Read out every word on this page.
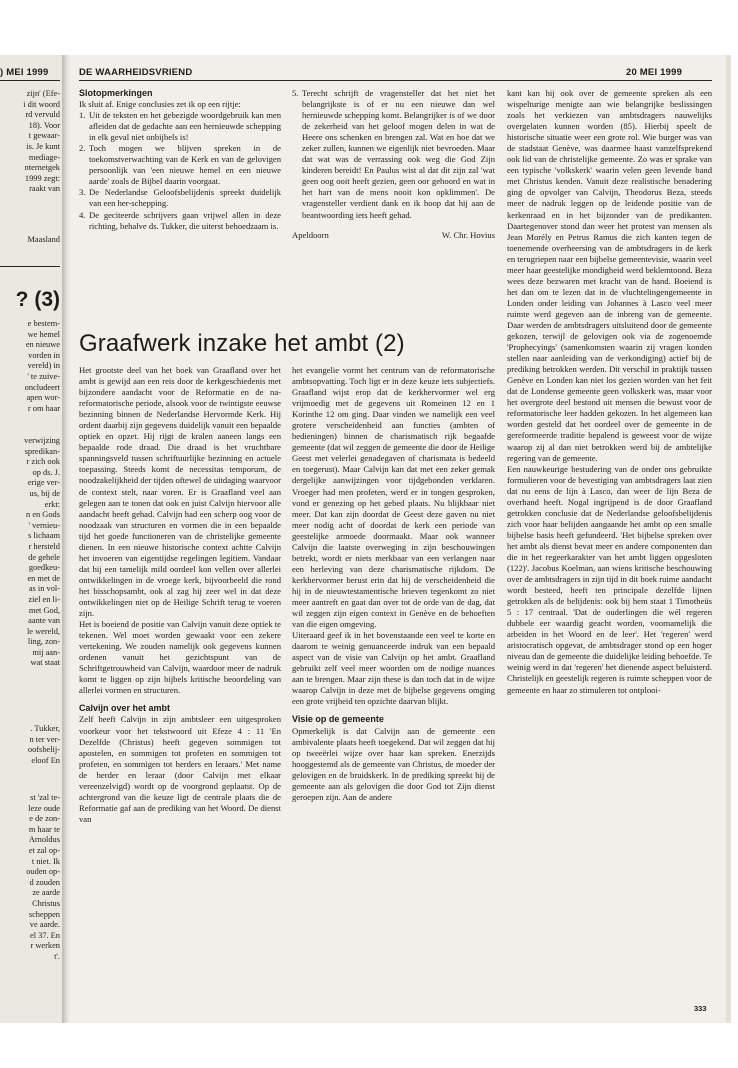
) MEI 1999
zijn' (Efe-
i dit woord
rd vervuld
18). Voor
t gewaar-
is. Je kunt
mediage-
nternetgek
1999 zegt:
raakt van
Maasland
? (3)
e bestem-
we hemel
en nieuwe
vorden in
vereld) in
' te zuive-
oncludeert
apen wor-
r om haar
verwijzing
spredikan-
r zich ook
op ds. J.
erige ver-
us, bij de
erkt:
n en Gods
' vernieu-
s lichaam
r hersteld
de gehele
goedkeu-
en met de
as in vol-
ziel en li-
met God,
aante van
le wereld,
ling, zon-
mij aan-
wat staat
. Tukker,
n ter ver-
oofsbelij-
eloof En
st 'zal te-
leze oude
e de zon-
m haar te
Arnoldus
et zal op-
t niet. Ik
ouden op-
d zouden
ze aarde
Christus
scheppen
ve aarde.
el 37. En
r werken
t'.
DE WAARHEIDSVRIEND	20 MEI 1999
Slotopmerkingen

Ik sluit af. Enige conclusies zet ik op een rijtje:

1. Uit de teksten en het gebezigde woordgebruik kan men afleiden dat de gedachte aan een hernieuwde schepping in elk geval niet onbijbels is!
2. Toch mogen we blijven spreken in de toekomstverwachting van de Kerk en van de gelovigen persoonlijk van 'een nieuwe hemel en een nieuwe aarde' zoals de Bijbel daarin voorgaat.
3. De Nederlandse Geloofsbelijdenis spreekt duidelijk van een her-schepping.
4. De geciteerde schrijvers gaan vrijwel allen in deze richting, behalve ds. Tukker, die uiterst behoedzaam is.
5. Terecht schrijft de vragensteller dat het niet het belangrijkste is of er nu een nieuwe dan wel hernieuwde schepping komt. Belangrijker is of we door de zekerheid van het geloof mogen delen in wat de Heere ons schenken en brengen zal. Wat en hoe dat we zeker zullen, kunnen we eigenlijk niet bevroeden. Maar dat wat was de verrassing ook weg die God Zijn kinderen bereidt! En Paulus wist al dat dit zijn zal 'wat geen oog ooit heeft gezien, geen oor gehoord en wat in het hart van de mens nooit kon opklimmen'. De vragensteller verdient dank en ik hoop dat hij aan de beantwoording iets heeft gehad.
Apeldoorn	W. Chr. Hovius
Graafwerk inzake het ambt (2)

Het grootste deel van het boek van Graafland over het ambt is gewijd aan een reis door de kerkgeschiedenis met bijzondere aandacht voor de Reformatie en de na-reformatorische periode, alsook voor de twintigste eeuwse bezinning binnen de Nederlandse Hervormde Kerk. Hij ordent daarbij zijn gegevens duidelijk vanuit een bepaalde optiek en opzet. Hij rijgt de kralen aaneen langs een bepaalde rode draad. Die draad is het vruchtbare spanningsveld tussen schriftuurlijke bezinning en actuele toepassing. Steeds komt de necessitas temporum, de noodzakelijkheid der tijden oftewel de uitdaging waarvoor de context stelt, naar voren. Er is Graafland veel aan gelegen aan te tonen dat ook en juist Calvijn hiervoor alle aandacht heeft gehad. Calvijn had een scherp oog voor de noodzaak van structuren en vormen die in een bepaalde tijd het goede functioneren van de christelijke gemeente dienen. In een nieuwe historische context achtte Calvijn het invoeren van eigentijdse regelingen legitiem. Vandaar dat hij een tamelijk mild oordeel kon vellen over allerlei ontwikkelingen in de vroege kerk, bijvoorbeeld die rond het bisschopsambt, ook al zag hij zeer wel in dat deze ontwikkelingen niet op de Heilige Schrift terug te voeren zijn.

Het is boeiend de positie van Calvijn vanuit deze optiek te tekenen. Wel moet worden gewaakt voor een zekere vertekening. We zouden namelijk ook gegevens kunnen ordenen vanuit het gezichtspunt van de Schriftgetrouwheid van Calvijn, waardoor meer de nadruk komt te liggen op zijn bijbels kritische beoordeling van allerlei vormen en structuren.

Calvijn over het ambt

Zelf heeft Calvijn in zijn ambtsleer een uitgesproken voorkeur voor het tekstwoord uit Efeze 4 : 11 'En Dezelfde (Christus) heeft gegeven sommigen tot apostelen, en sommigen tot profeten en sommigen tot profeten, en sommigen tot herders en leraars.' Met name de herder en leraar (door Calvijn met elkaar vereenzelvigd) wordt op de voorgrond geplaatst. Op de achtergrond van die keuze ligt de centrale plaats die de Reformatie gaf aan de prediking van het Woord. De dienst van

het evangelie vormt het centrum van de reformatorische ambtsopvatting. Toch ligt er in deze keuze iets subjectiefs. Graafland wijst erop dat de kerkhervormer wel erg vrijmoedig met de gegevens uit Romeinen 12 en 1 Korinthe 12 om ging. Daar vinden we namelijk een veel grotere verscheidenheid aan functies (ambten of bedieningen) binnen de charismatisch rijk begaafde gemeente (dat wil zeggen de gemeente die door de Heilige Geest met velerlei genadegaven of charismata is bedeeld en toegerust). Maar Calvijn kan dat met een zeker gemak dergelijke aanwijzingen voor tijdgebonden verklaren. Vroeger had men profeten, werd er in tongen gesproken, vond er genezing op het gebed plaats. Nu blijkbaar niet meer. Dat kan zijn doordat de Geest deze gaven nu niet meer nodig acht of doordat de kerk een periode van geestelijke armoede doormaakt. Maar ook wanneer Calvijn die laatste overweging in zijn beschouwingen betrekt, wordt er niets merkbaar van een verlangen naar een herleving van deze charismatische rijkdom. De kerkhervormer berust erin dat hij de verscheidenheid die hij in de nieuwtestamentische brieven tegenkomt zo niet meer aantreft en gaat dan over tot de orde van de dag, dat wil zeggen zijn eigen context in Genève en de behoeften van die eigen omgeving.

Uiteraard geef ik in het bovenstaande een veel te korte en daarom te weinig genuanceerde indruk van een bepaald aspect van de visie van Calvijn op het ambt. Graafland gebruikt zelf veel meer woorden om de nodige nuances aan te brengen. Maar zijn these is dan toch dat in de wijze waarop Calvijn in deze met de bijbelse gegevens omging een grote vrijheid ten opzichte daarvan blijkt.

Visie op de gemeente

Opmerkelijk is dat Calvijn aan de gemeente een ambivalente plaats heeft toegekend. Dat wil zeggen dat hij op tweeërlei wijze over haar kan spreken. Enerzijds hooggestemd als de gemeente van Christus, de moeder der gelovigen en de bruidskerk. In de prediking spreekt hij de gemeente aan als gelovigen die door God tot Zijn dienst geroepen zijn. Aan de andere

kant kan hij ook over de gemeente spreken als een wispelturige menigte aan wie belangrijke beslissingen zoals het verkiezen van ambtsdragers nauwelijks overgelaten kunnen worden (85). Hierbij speelt de historische situatie weer een grote rol. Wie burger was van de stadstaat Genève, was daarmee haast vanzelfsprekend ook lid van de christelijke gemeente. Zo was er sprake van een typische 'volkskerk' waarin velen geen levende band met Christus kenden. Vanuit deze realistische benadering ging de opvolger van Calvijn, Theodorus Beza, steeds meer de nadruk leggen op de leidende positie van de kerkenraad en in het bijzonder van de predikanten. Daartegenover stond dan weer het protest van mensen als Jean Morély en Petrus Ramus die zich kanten tegen de toenemende overheersing van de ambtsdragers in de kerk en terugriepen naar een bijbelse gemeentevisie, waarin veel meer haar geestelijke mondigheid werd beklemtoond. Beza wees deze bezwaren met kracht van de hand. Boeiend is het dan om te lezen dat in de vluchtelingengemeente in Londen onder leiding van Johannes à Lasco veel meer ruimte werd gegeven aan de inbreng van de gemeente. Daar werden de ambtsdragers uitsluitend door de gemeente gekozen, terwijl de gelovigen ook via de zogenoemde 'Prophecyings' (samenkomsten waarin zij vragen konden stellen naar aanleiding van de verkondiging) actief bij de prediking betrokken werden. Dit verschil in praktijk tussen Genève en Londen kan niet los gezien worden van het feit dat de Londense gemeente geen volkskerk was, maar voor het overgrote deel bestond uit mensen die bewust voor de reformatorische leer hadden gekozen. In het algemeen kan worden gesteld dat het oordeel over de gemeente in de gereformeerde traditie bepalend is geweest voor de wijze waarop zij al dan niet betrokken werd bij de ambtelijke regering van de gemeente.

Een nauwkeurige bestudering van de onder ons gebruikte formulieren voor de bevestiging van ambtsdragers laat zien dat nu eens de lijn à Lasco, dan weer de lijn Beza de overhand heeft. Nogal ingrijpend is de door Graafland getrokken conclusie dat de Nederlandse geloofsbelijdenis zich voor haar belijden aangaande het ambt op een smalle bijbelse basis heeft gefundeerd. 'Het bijbelse spreken over het ambt als dienst bevat meer en andere componenten dan die in het regeerkarakter van het ambt liggen opgesloten (122)'. Jacobus Koelman, aan wiens kritische beschouwing over de ambtsdragers in zijn tijd in dit boek ruime aandacht wordt besteed, heeft ten principale dezelfde lijnen getrokken als de belijdenis: ook bij hem staat 1 Timotheüs 5 : 17 centraal. 'Dat de ouderlingen die wél regeren dubbele eer waardig geacht worden, voornamelijk die arbeiden in het Woord en de leer'. Het 'regeren' werd aristocratisch opgevat, de ambtsdrager stond op een hoger niveau dan de gemeente die duidelijke leiding behoefde. Te weinig werd in dat 'regeren' het dienende aspect beluisterd. Christelijk en geestelijk regeren is ruimte scheppen voor de gemeente en haar zo stimuleren tot ontplooi-

333
